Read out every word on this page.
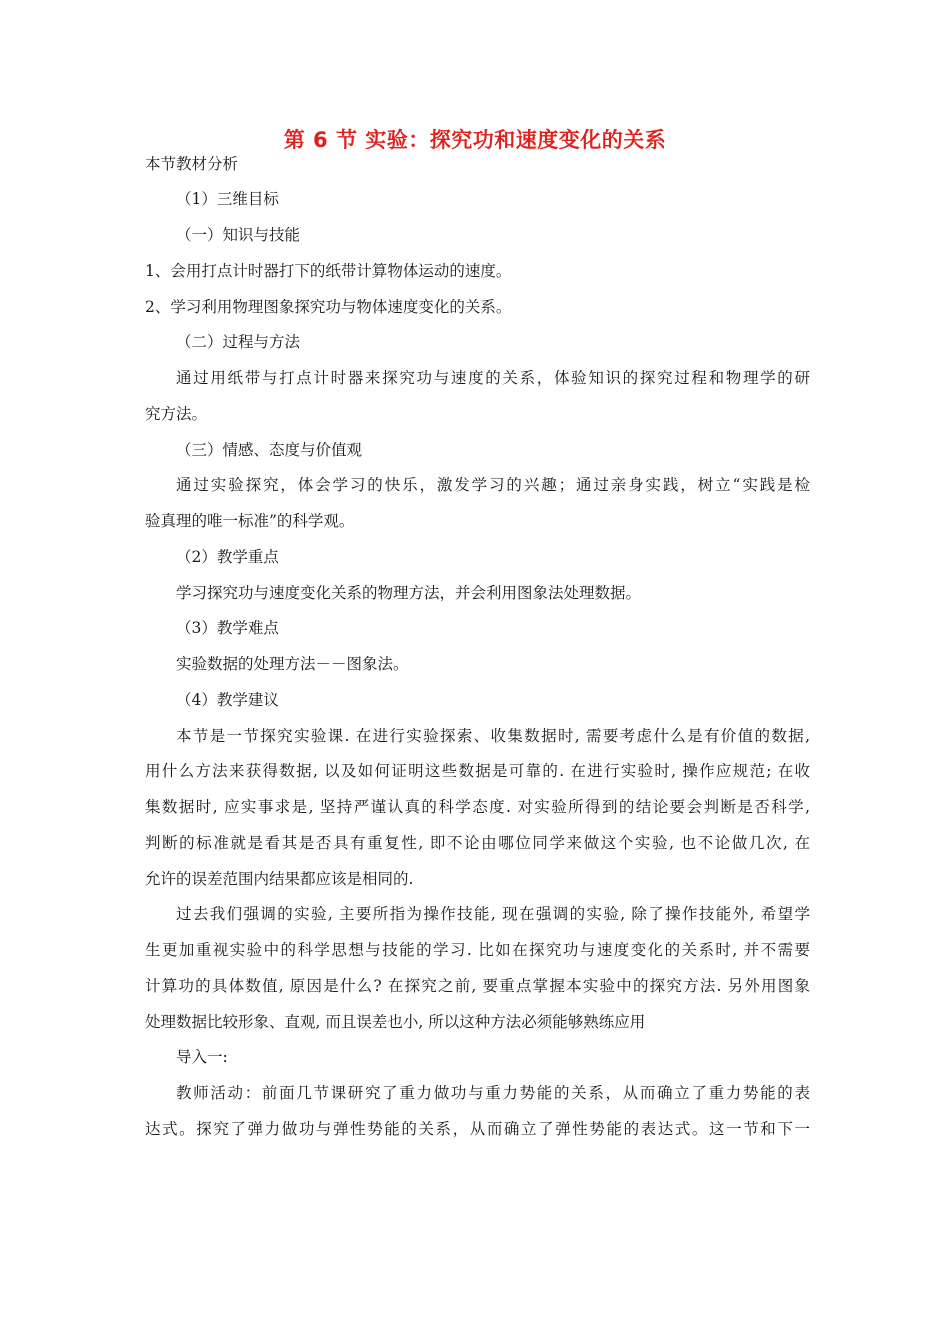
第 6 节 实验：探究功和速度变化的关系
本节教材分析
（1）三维目标
（一）知识与技能
1、会用打点计时器打下的纸带计算物体运动的速度。
2、学习利用物理图象探究功与物体速度变化的关系。
（二）过程与方法
通过用纸带与打点计时器来探究功与速度的关系，体验知识的探究过程和物理学的研
究方法。
（三）情感、态度与价值观
通过实验探究，体会学习的快乐，激发学习的兴趣；通过亲身实践，树立“实践是检
验真理的唯一标准”的科学观。
（2）教学重点
学习探究功与速度变化关系的物理方法，并会利用图象法处理数据。
（3）教学难点
实验数据的处理方法－－图象法。
（4）教学建议
本节是一节探究实验课. 在进行实验探索、收集数据时, 需要考虑什么是有价值的数据,
用什么方法来获得数据, 以及如何证明这些数据是可靠的. 在进行实验时, 操作应规范; 在收
集数据时, 应实事求是, 坚持严谨认真的科学态度. 对实验所得到的结论要会判断是否科学,
判断的标准就是看其是否具有重复性, 即不论由哪位同学来做这个实验, 也不论做几次, 在
允许的误差范围内结果都应该是相同的.
过去我们强调的实验, 主要所指为操作技能, 现在强调的实验, 除了操作技能外, 希望学
生更加重视实验中的科学思想与技能的学习. 比如在探究功与速度变化的关系时, 并不需要
计算功的具体数值, 原因是什么? 在探究之前, 要重点掌握本实验中的探究方法. 另外用图象
处理数据比较形象、直观, 而且误差也小, 所以这种方法必须能够熟练应用
导入一:
教师活动：前面几节课研究了重力做功与重力势能的关系，从而确立了重力势能的表
达式。探究了弹力做功与弹性势能的关系，从而确立了弹性势能的表达式。这一节和下一
